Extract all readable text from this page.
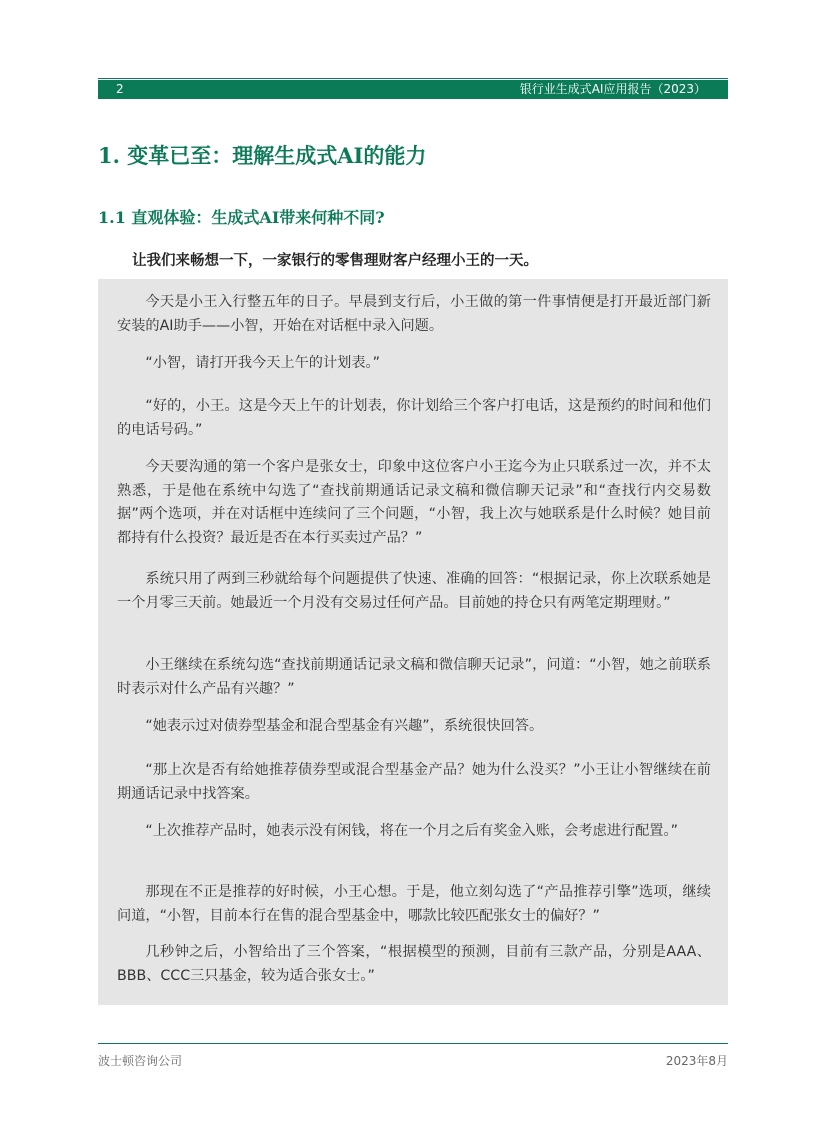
2	银行业生成式AI应用报告（2023）
1. 变革已至：理解生成式AI的能力
1.1 直观体验：生成式AI带来何种不同?

让我们来畅想一下，一家银行的零售理财客户经理小王的一天。

今天是小王入行整五年的日子。早晨到支行后，小王做的第一件事情便是打开最近部门新安装的AI助手——小智，开始在对话框中录入问题。

“小智，请打开我今天上午的计划表。”

“好的，小王。这是今天上午的计划表，你计划给三个客户打电话，这是预约的时间和他们的电话号码。”

今天要沟通的第一个客户是张女士，印象中这位客户小王迄今为止只联系过一次，并不太熟悉，于是他在系统中勾选了“查找前期通话记录文稿和微信聊天记录”和“查找行内交易数据”两个选项，并在对话框中连续问了三个问题，“小智，我上次与她联系是什么时候？她目前都持有什么投资？最近是否在本行买卖过产品？”

系统只用了两到三秒就给每个问题提供了快速、准确的回答：“根据记录，你上次联系她是一个月零三天前。她最近一个月没有交易过任何产品。目前她的持仓只有两笔定期理财。”

小王继续在系统勾选“查找前期通话记录文稿和微信聊天记录”，问道：“小智，她之前联系时表示对什么产品有兴趣？”

“她表示过对债券型基金和混合型基金有兴趣”，系统很快回答。

“那上次是否有给她推荐债券型或混合型基金产品？她为什么没买？”小王让小智继续在前期通话记录中找答案。

“上次推荐产品时，她表示没有闲钱，将在一个月之后有奖金入账，会考虑进行配置。”

那现在不正是推荐的好时候，小王心想。于是，他立刻勾选了“产品推荐引擎”选项，继续问道，“小智，目前本行在售的混合型基金中，哪款比较匹配张女士的偏好？”

几秒钟之后，小智给出了三个答案，“根据模型的预测，目前有三款产品，分别是AAA、BBB、CCC三只基金，较为适合张女士。”

波士顿咨询公司	2023年8月
